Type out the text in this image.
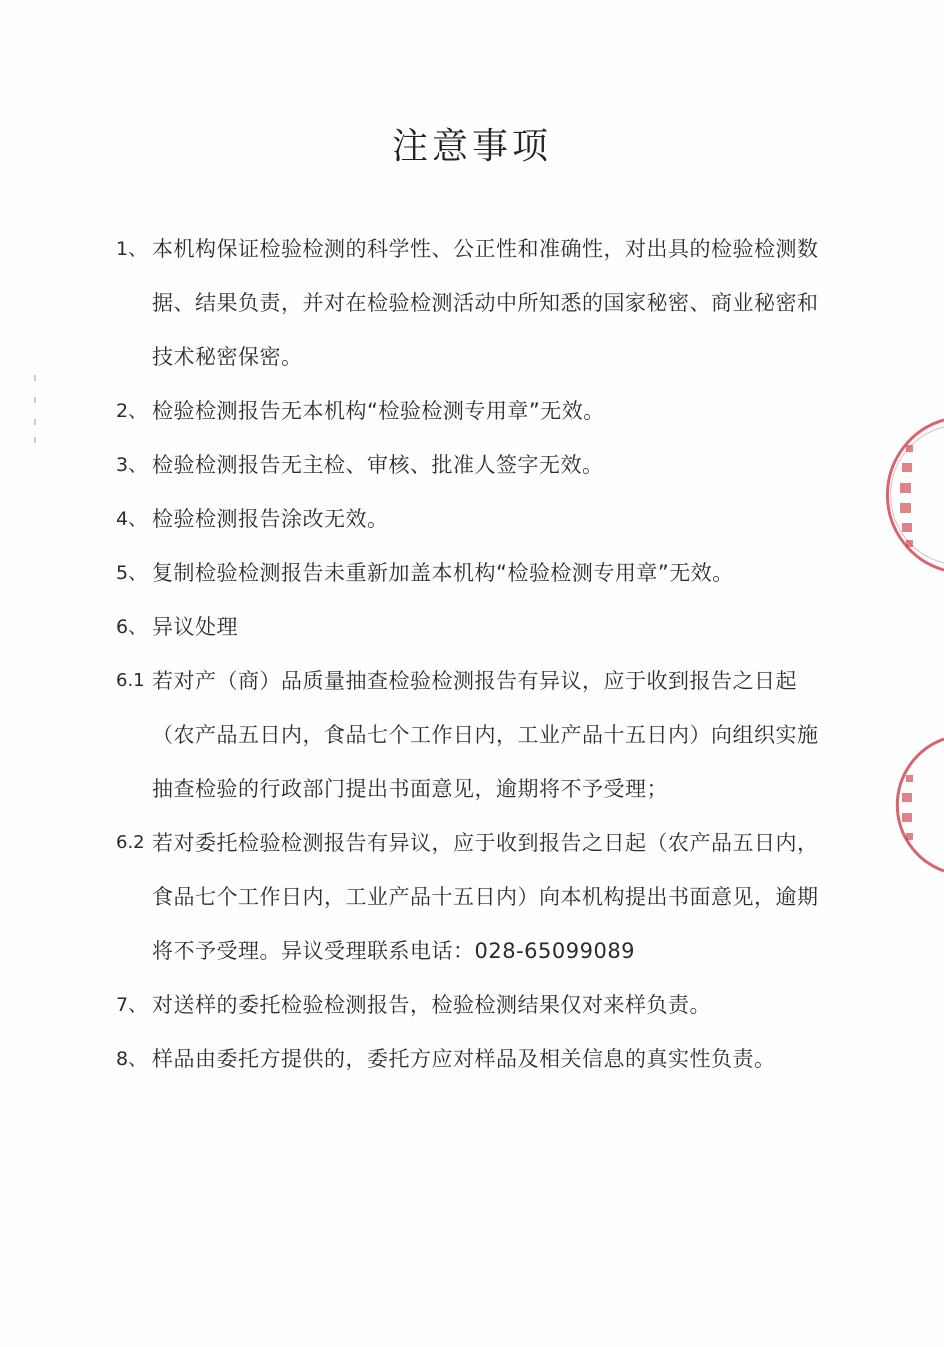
注意事项
1、 本机构保证检验检测的科学性、公正性和准确性，对出具的检验检测数据、结果负责，并对在检验检测活动中所知悉的国家秘密、商业秘密和技术秘密保密。
2、 检验检测报告无本机构“检验检测专用章”无效。
3、 检验检测报告无主检、审核、批准人签字无效。
4、 检验检测报告涂改无效。
5、 复制检验检测报告未重新加盖本机构“检验检测专用章”无效。
6、 异议处理
6.1 若对产（商）品质量抽查检验检测报告有异议，应于收到报告之日起（农产品五日内，食品七个工作日内，工业产品十五日内）向组织实施抽查检验的行政部门提出书面意见，逾期将不予受理；
6.2 若对委托检验检测报告有异议，应于收到报告之日起（农产品五日内，食品七个工作日内，工业产品十五日内）向本机构提出书面意见，逾期将不予受理。异议受理联系电话：028-65099089
7、 对送样的委托检验检测报告，检验检测结果仅对来样负责。
8、 样品由委托方提供的，委托方应对样品及相关信息的真实性负责。
